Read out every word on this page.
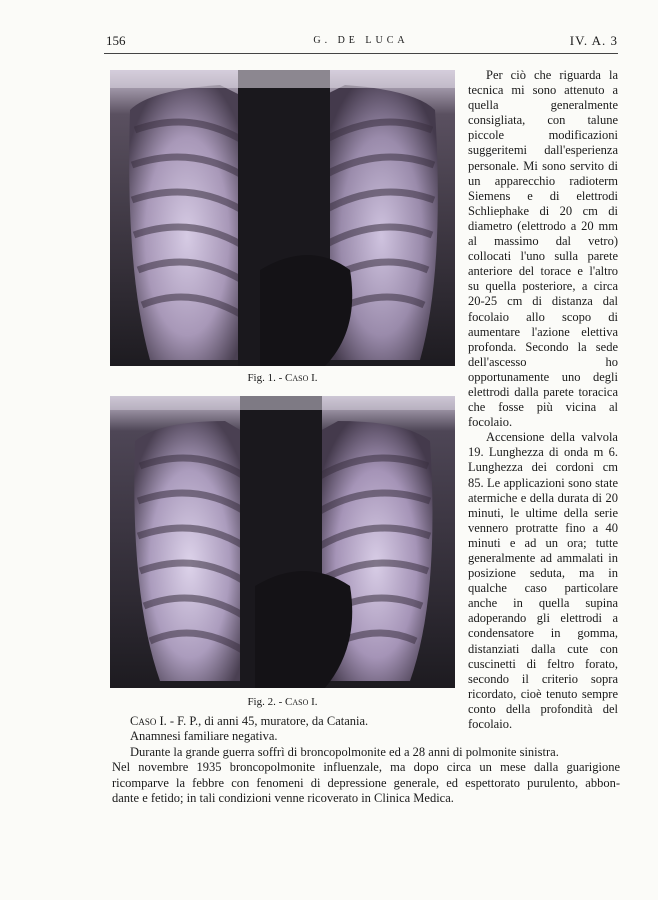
156	G. DE LUCA	IV. A. 3
Fig. 1. - Caso I.
Fig. 2. - Caso I.

Per ciò che riguarda la tecnica mi sono attenuto a quella generalmente consigliata, con talune piccole modificazioni suggeritemi dall'esperienza personale. Mi sono servito di un apparecchio radioterm Siemens e di elettrodi Schliephake di 20 cm di diametro (elettrodo a 20 mm al massimo dal vetro) collocati l'uno sulla parete anteriore del torace e l'altro su quella posteriore, a circa 20-25 cm di distanza dal focolaio allo scopo di aumentare l'azione elettiva profonda. Secondo la sede dell'ascesso ho opportunamente uno degli elettrodi dalla parete toracica che fosse più vicina al focolaio.

Accensione della valvola 19. Lunghezza di onda m 6. Lunghezza dei cordoni cm 85. Le applicazioni sono state atermiche e della durata di 20 minuti, le ultime della serie vennero protratte fino a 40 minuti e ad un ora; tutte generalmente ad ammalati in posizione seduta, ma in qualche caso particolare anche in quella supina adoperando gli elettrodi a condensatore in gomma, distanziati dalla cute con cuscinetti di feltro forato, secondo il criterio sopra ricordato, cioè tenuto sempre conto della profondità del focolaio.

Caso I. - F. P., di anni 45, muratore, da Catania.
Anamnesi familiare negativa.
Durante la grande guerra soffrì di broncopolmonite ed a 28 anni di polmonite sinistra.
Nel novembre 1935 broncopolmonite influenzale, ma dopo circa un mese dalla guarigione
ricomparve la febbre con fenomeni di depressione generale, ed espettorato purulento, abbon-
dante e fetido; in tali condizioni venne ricoverato in Clinica Medica.
